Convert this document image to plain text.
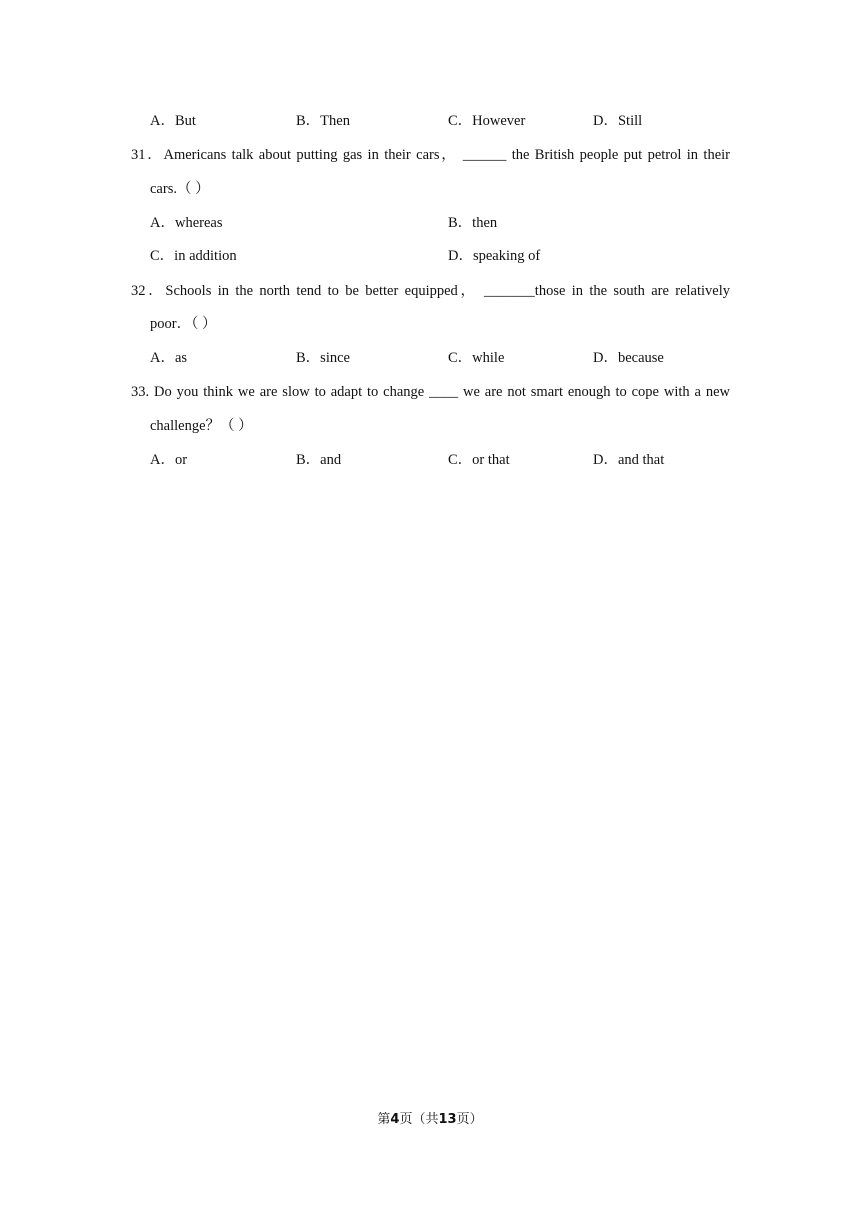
A．But	B．Then	C．However	D．Still
31．Americans talk about putting gas in their cars， ______ the British people put petrol in their
cars.（ ）
A．whereas	B．then
C．in addition	D．speaking of
32．Schools in the north tend to be better equipped， _______those in the south are relatively
poor．（ ）
A．as	B．since	C．while	D．because
33. Do you think we are slow to adapt to change ____ we are not smart enough to cope with a new
challenge？（ ）
A．or	B．and	C．or that	D．and that
第4页（共13页）
